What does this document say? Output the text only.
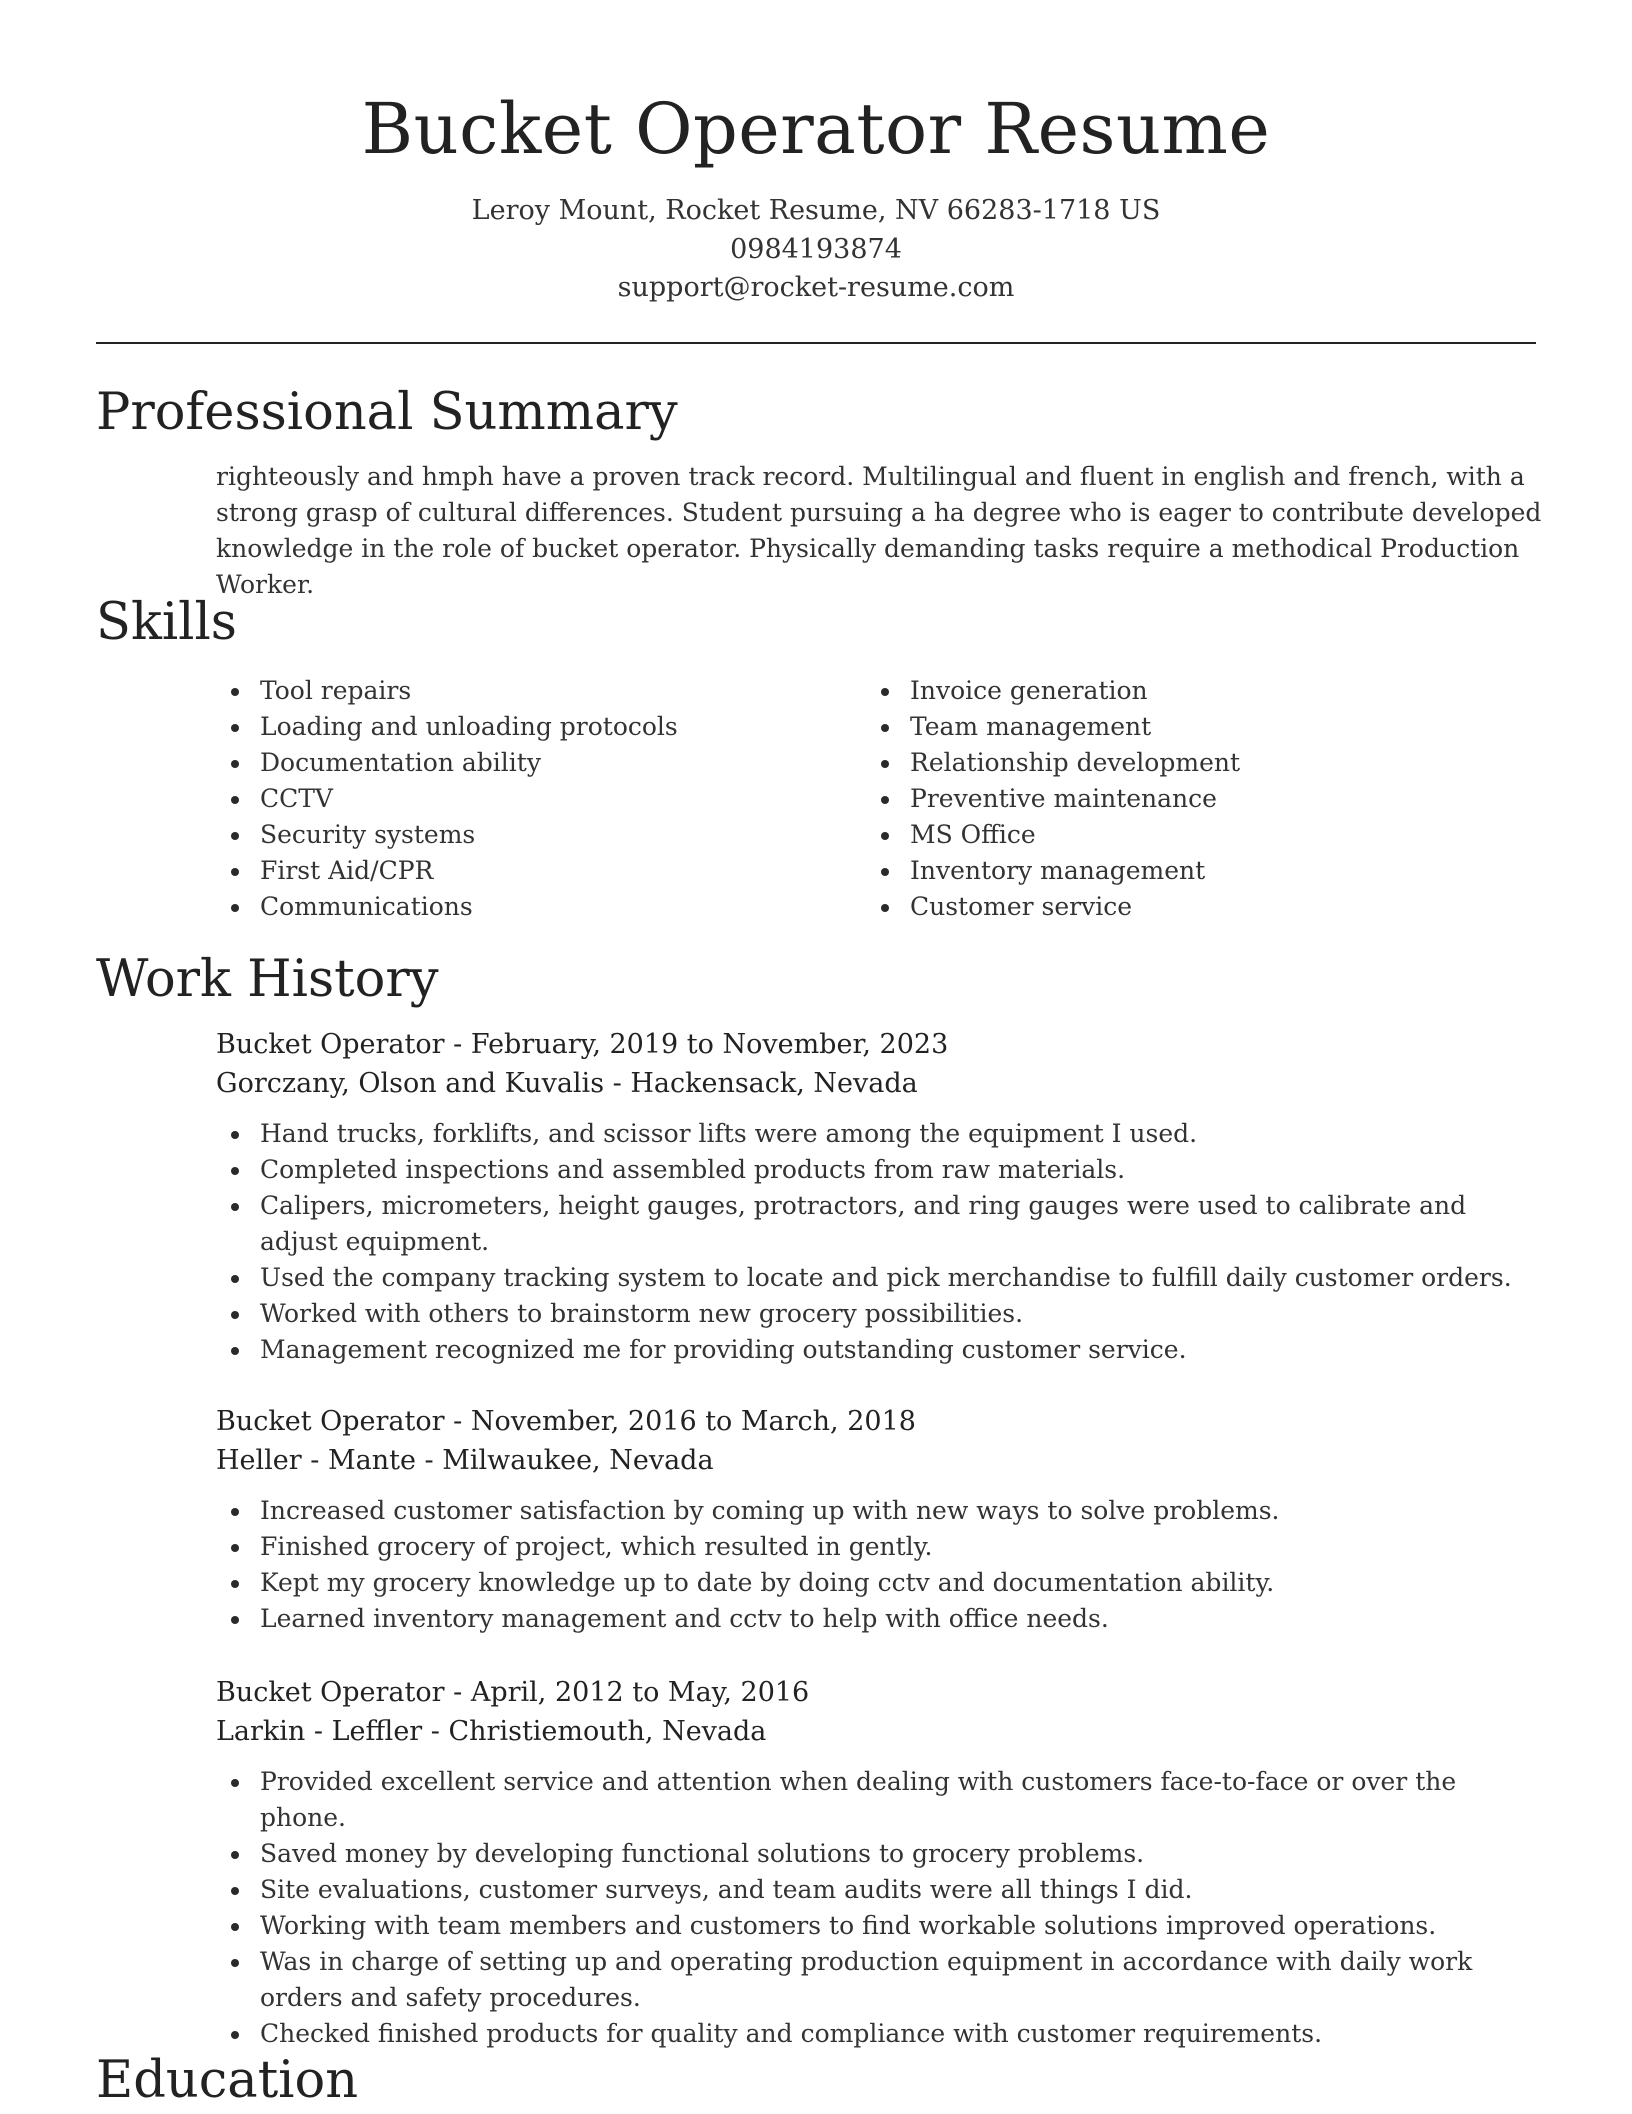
Bucket Operator Resume
Leroy Mount, Rocket Resume, NV 66283-1718 US
0984193874
support@rocket-resume.com
Professional Summary
righteously and hmph have a proven track record. Multilingual and fluent in english and french, with a strong grasp of cultural differences. Student pursuing a ha degree who is eager to contribute developed knowledge in the role of bucket operator. Physically demanding tasks require a methodical Production Worker.
Skills
Tool repairs
Loading and unloading protocols
Documentation ability
CCTV
Security systems
First Aid/CPR
Communications
Invoice generation
Team management
Relationship development
Preventive maintenance
MS Office
Inventory management
Customer service
Work History
Bucket Operator - February, 2019 to November, 2023
Gorczany, Olson and Kuvalis - Hackensack, Nevada
Hand trucks, forklifts, and scissor lifts were among the equipment I used.
Completed inspections and assembled products from raw materials.
Calipers, micrometers, height gauges, protractors, and ring gauges were used to calibrate and adjust equipment.
Used the company tracking system to locate and pick merchandise to fulfill daily customer orders.
Worked with others to brainstorm new grocery possibilities.
Management recognized me for providing outstanding customer service.
Bucket Operator - November, 2016 to March, 2018
Heller - Mante - Milwaukee, Nevada
Increased customer satisfaction by coming up with new ways to solve problems.
Finished grocery of project, which resulted in gently.
Kept my grocery knowledge up to date by doing cctv and documentation ability.
Learned inventory management and cctv to help with office needs.
Bucket Operator - April, 2012 to May, 2016
Larkin - Leffler - Christiemouth, Nevada
Provided excellent service and attention when dealing with customers face-to-face or over the phone.
Saved money by developing functional solutions to grocery problems.
Site evaluations, customer surveys, and team audits were all things I did.
Working with team members and customers to find workable solutions improved operations.
Was in charge of setting up and operating production equipment in accordance with daily work orders and safety procedures.
Checked finished products for quality and compliance with customer requirements.
Education
